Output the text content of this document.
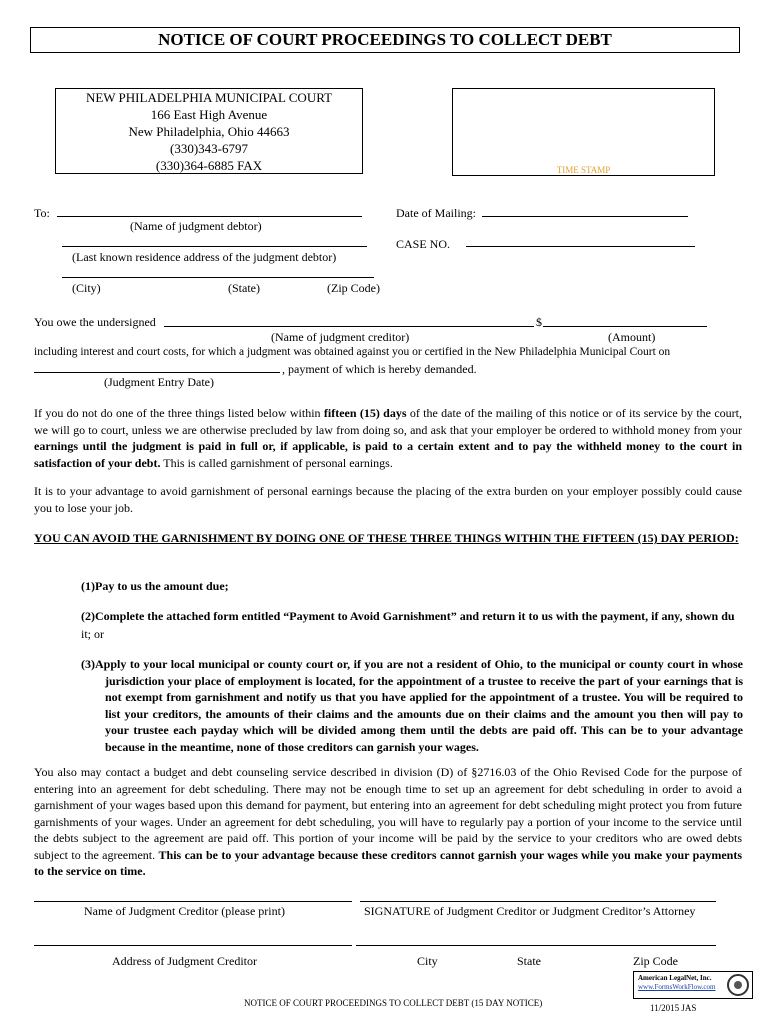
NOTICE OF COURT PROCEEDINGS TO COLLECT DEBT
NEW PHILADELPHIA MUNICIPAL COURT
166 East High Avenue
New Philadelphia, Ohio 44663
(330)343-6797
(330)364-6885 FAX	TIME STAMP
To:
(Name of judgment debtor)
(Last known residence address of the judgment debtor)
(City)	(State)	(Zip Code)
Date of Mailing:
CASE NO.
You owe the undersigned	$
(Name of judgment creditor)	(Amount)
including interest and court costs, for which a judgment was obtained against you or certified in the New Philadelphia Municipal Court on
, payment of which is hereby demanded.
(Judgment Entry Date)
If you do not do one of the three things listed below within fifteen (15) days of the date of the mailing of this notice or of its service by the court, we will go to court, unless we are otherwise precluded by law from doing so, and ask that your employer be ordered to withhold money from your earnings until the judgment is paid in full or, if applicable, is paid to a certain extent and to pay the withheld money to the court in satisfaction of your debt. This is called garnishment of personal earnings.
It is to your advantage to avoid garnishment of personal earnings because the placing of the extra burden on your employer possibly could cause you to lose your job.
YOU CAN AVOID THE GARNISHMENT BY DOING ONE OF THESE THREE THINGS WITHIN THE FIFTEEN (15) DAY PERIOD:
(1)Pay to us the amount due;
(2)Complete the attached form entitled “Payment to Avoid Garnishment” and return it to us with the payment, if any, shown du
it; or
(3)Apply to your local municipal or county court or, if you are not a resident of Ohio, to the municipal or county court in whose jurisdiction your place of employment is located, for the appointment of a trustee to receive the part of your earnings that is not exempt from garnishment and notify us that you have applied for the appointment of a trustee. You will be required to list your creditors, the amounts of their claims and the amounts due on their claims and the amount you then will pay to your trustee each payday which will be divided among them until the debts are paid off. This can be to your advantage because in the meantime, none of those creditors can garnish your wages.
You also may contact a budget and debt counseling service described in division (D) of §2716.03 of the Ohio Revised Code for the purpose of entering into an agreement for debt scheduling. There may not be enough time to set up an agreement for debt scheduling in order to avoid a garnishment of your wages based upon this demand for payment, but entering into an agreement for debt scheduling might protect you from future garnishments of your wages. Under an agreement for debt scheduling, you will have to regularly pay a portion of your income to the service until the debts subject to the agreement are paid off. This portion of your income will be paid by the service to your creditors who are owed debts subject to the agreement. This can be to your advantage because these creditors cannot garnish your wages while you make your payments to the service on time.
Name of Judgment Creditor (please print)	SIGNATURE of Judgment Creditor or Judgment Creditor’s Attorney
Address of Judgment Creditor	City	State	Zip Code
NOTICE OF COURT PROCEEDINGS TO COLLECT DEBT (15 DAY NOTICE)
American LegalNet, Inc.
www.FormsWorkFlow.com
11/2015 JAS
